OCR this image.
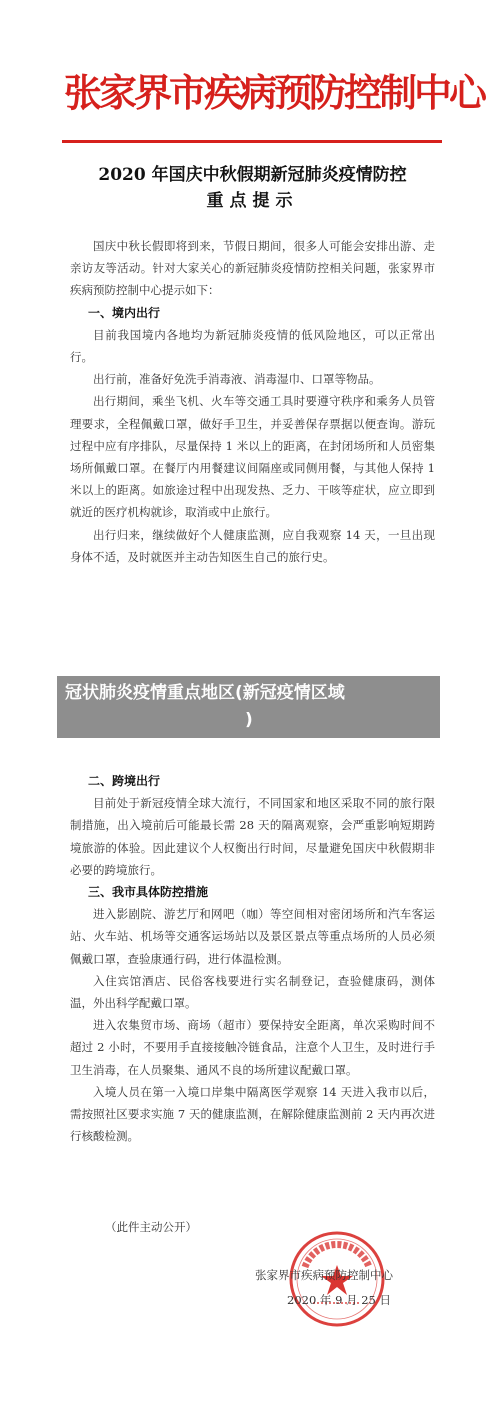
张家界市疾病预防控制中心
2020 年国庆中秋假期新冠肺炎疫情防控
重点提示

国庆中秋长假即将到来，节假日期间，很多人可能会安排出游、走亲访友等活动。针对大家关心的新冠肺炎疫情防控相关问题，张家界市疾病预防控制中心提示如下：

一、境内出行

目前我国境内各地均为新冠肺炎疫情的低风险地区，可以正常出行。

出行前，准备好免洗手消毒液、消毒湿巾、口罩等物品。

出行期间，乘坐飞机、火车等交通工具时要遵守秩序和乘务人员管理要求，全程佩戴口罩，做好手卫生，并妥善保存票据以便查询。游玩过程中应有序排队，尽量保持 1 米以上的距离，在封闭场所和人员密集场所佩戴口罩。在餐厅内用餐建议间隔座或同侧用餐，与其他人保持 1 米以上的距离。如旅途过程中出现发热、乏力、干咳等症状，应立即到就近的医疗机构就诊，取消或中止旅行。

出行归来，继续做好个人健康监测，应自我观察 14 天，一旦出现身体不适，及时就医并主动告知医生自己的旅行史。

冠状肺炎疫情重点地区(新冠疫情区域
)
二、跨境出行

目前处于新冠疫情全球大流行，不同国家和地区采取不同的旅行限制措施，出入境前后可能最长需 28 天的隔离观察，会严重影响短期跨境旅游的体验。因此建议个人权衡出行时间，尽量避免国庆中秋假期非必要的跨境旅行。

三、我市具体防控措施

进入影剧院、游艺厅和网吧（咖）等空间相对密闭场所和汽车客运站、火车站、机场等交通客运场站以及景区景点等重点场所的人员必须佩戴口罩，查验康通行码，进行体温检测。

入住宾馆酒店、民俗客栈要进行实名制登记，查验健康码，测体温，外出科学配戴口罩。

进入农集贸市场、商场（超市）要保持安全距离，单次采购时间不超过 2 小时，不要用手直接接触冷链食品，注意个人卫生，及时进行手卫生消毒，在人员聚集、通风不良的场所建议配戴口罩。

入境人员在第一入境口岸集中隔离医学观察 14 天进入我市以后，需按照社区要求实施 7 天的健康监测，在解除健康监测前 2 天内再次进行核酸检测。

（此件主动公开）
张家界市疾病预防控制中心
2020 年 9 月 25 日
